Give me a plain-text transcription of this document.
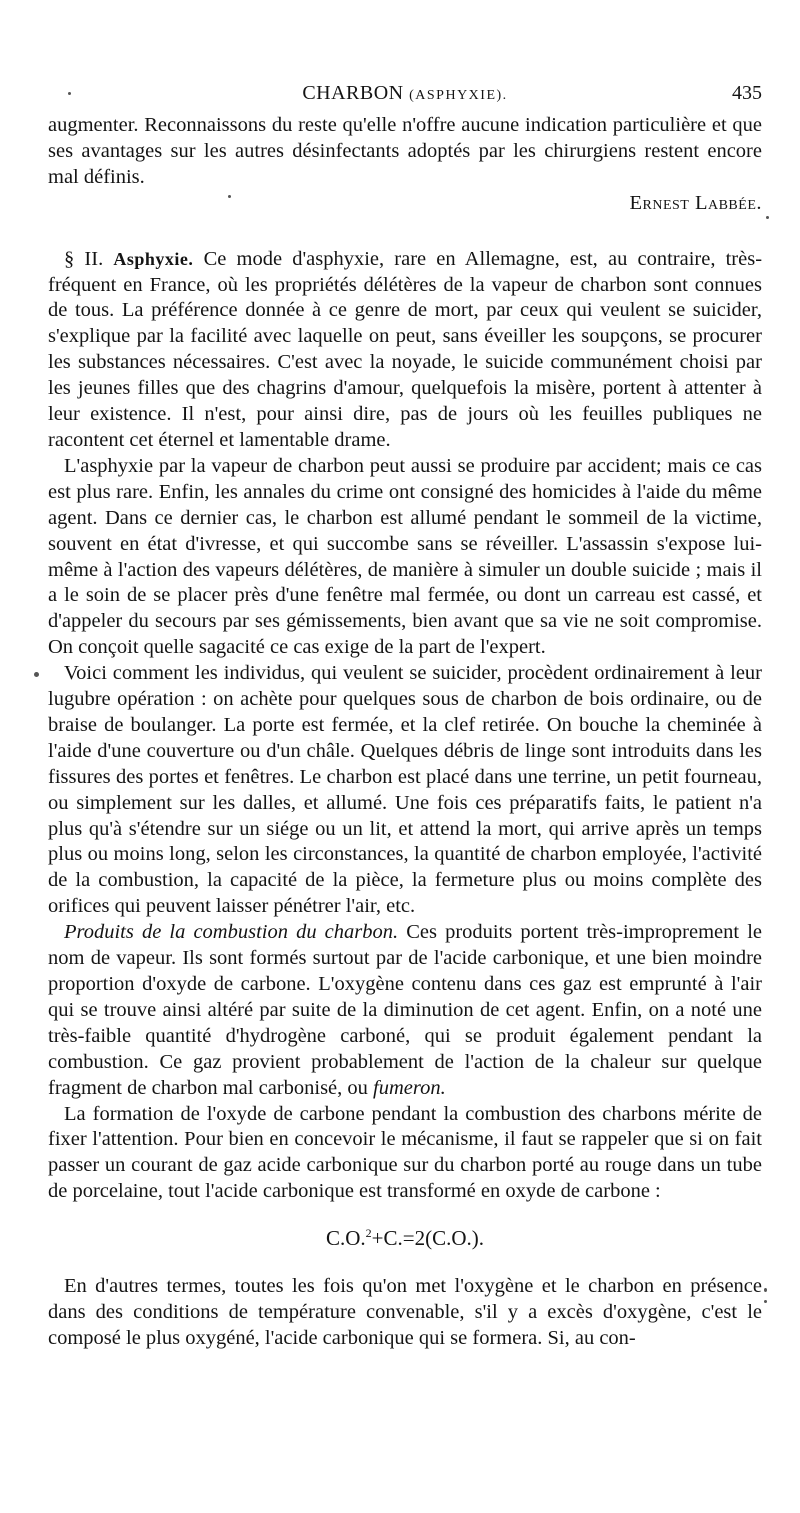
CHARBON (ASPHYXIE).	435

augmenter. Reconnaissons du reste qu'elle n'offre aucune indication particulière et que ses avantages sur les autres désinfectants adoptés par les chirurgiens restent encore mal définis.
Ernest Labbée.

§ II. Asphyxie. Ce mode d'asphyxie, rare en Allemagne, est, au contraire, très-fréquent en France, où les propriétés délétères de la vapeur de charbon sont connues de tous. La préférence donnée à ce genre de mort, par ceux qui veulent se suicider, s'explique par la facilité avec laquelle on peut, sans éveiller les soupçons, se procurer les substances nécessaires. C'est avec la noyade, le suicide communément choisi par les jeunes filles que des chagrins d'amour, quelquefois la misère, portent à attenter à leur existence. Il n'est, pour ainsi dire, pas de jours où les feuilles publiques ne racontent cet éternel et lamentable drame.

L'asphyxie par la vapeur de charbon peut aussi se produire par accident; mais ce cas est plus rare. Enfin, les annales du crime ont consigné des homicides à l'aide du même agent. Dans ce dernier cas, le charbon est allumé pendant le sommeil de la victime, souvent en état d'ivresse, et qui succombe sans se réveiller. L'assassin s'expose lui-même à l'action des vapeurs délétères, de manière à simuler un double suicide ; mais il a le soin de se placer près d'une fenêtre mal fermée, ou dont un carreau est cassé, et d'appeler du secours par ses gémissements, bien avant que sa vie ne soit compromise. On conçoit quelle sagacité ce cas exige de la part de l'expert.

Voici comment les individus, qui veulent se suicider, procèdent ordinairement à leur lugubre opération : on achète pour quelques sous de charbon de bois ordinaire, ou de braise de boulanger. La porte est fermée, et la clef retirée. On bouche la cheminée à l'aide d'une couverture ou d'un châle. Quelques débris de linge sont introduits dans les fissures des portes et fenêtres. Le charbon est placé dans une terrine, un petit fourneau, ou simplement sur les dalles, et allumé. Une fois ces préparatifs faits, le patient n'a plus qu'à s'étendre sur un siége ou un lit, et attend la mort, qui arrive après un temps plus ou moins long, selon les circonstances, la quantité de charbon employée, l'activité de la combustion, la capacité de la pièce, la fermeture plus ou moins complète des orifices qui peuvent laisser pénétrer l'air, etc.

Produits de la combustion du charbon. Ces produits portent très-improprement le nom de vapeur. Ils sont formés surtout par de l'acide carbonique, et une bien moindre proportion d'oxyde de carbone. L'oxygène contenu dans ces gaz est emprunté à l'air qui se trouve ainsi altéré par suite de la diminution de cet agent. Enfin, on a noté une très-faible quantité d'hydrogène carboné, qui se produit également pendant la combustion. Ce gaz provient probablement de l'action de la chaleur sur quelque fragment de charbon mal carbonisé, ou fumeron.

La formation de l'oxyde de carbone pendant la combustion des charbons mérite de fixer l'attention. Pour bien en concevoir le mécanisme, il faut se rappeler que si on fait passer un courant de gaz acide carbonique sur du charbon porté au rouge dans un tube de porcelaine, tout l'acide carbonique est transformé en oxyde de carbone :

C.O.$^2$+C.=2(C.O.).

En d'autres termes, toutes les fois qu'on met l'oxygène et le charbon en présence dans des conditions de température convenable, s'il y a excès d'oxygène, c'est le composé le plus oxygéné, l'acide carbonique qui se formera. Si, au con-
